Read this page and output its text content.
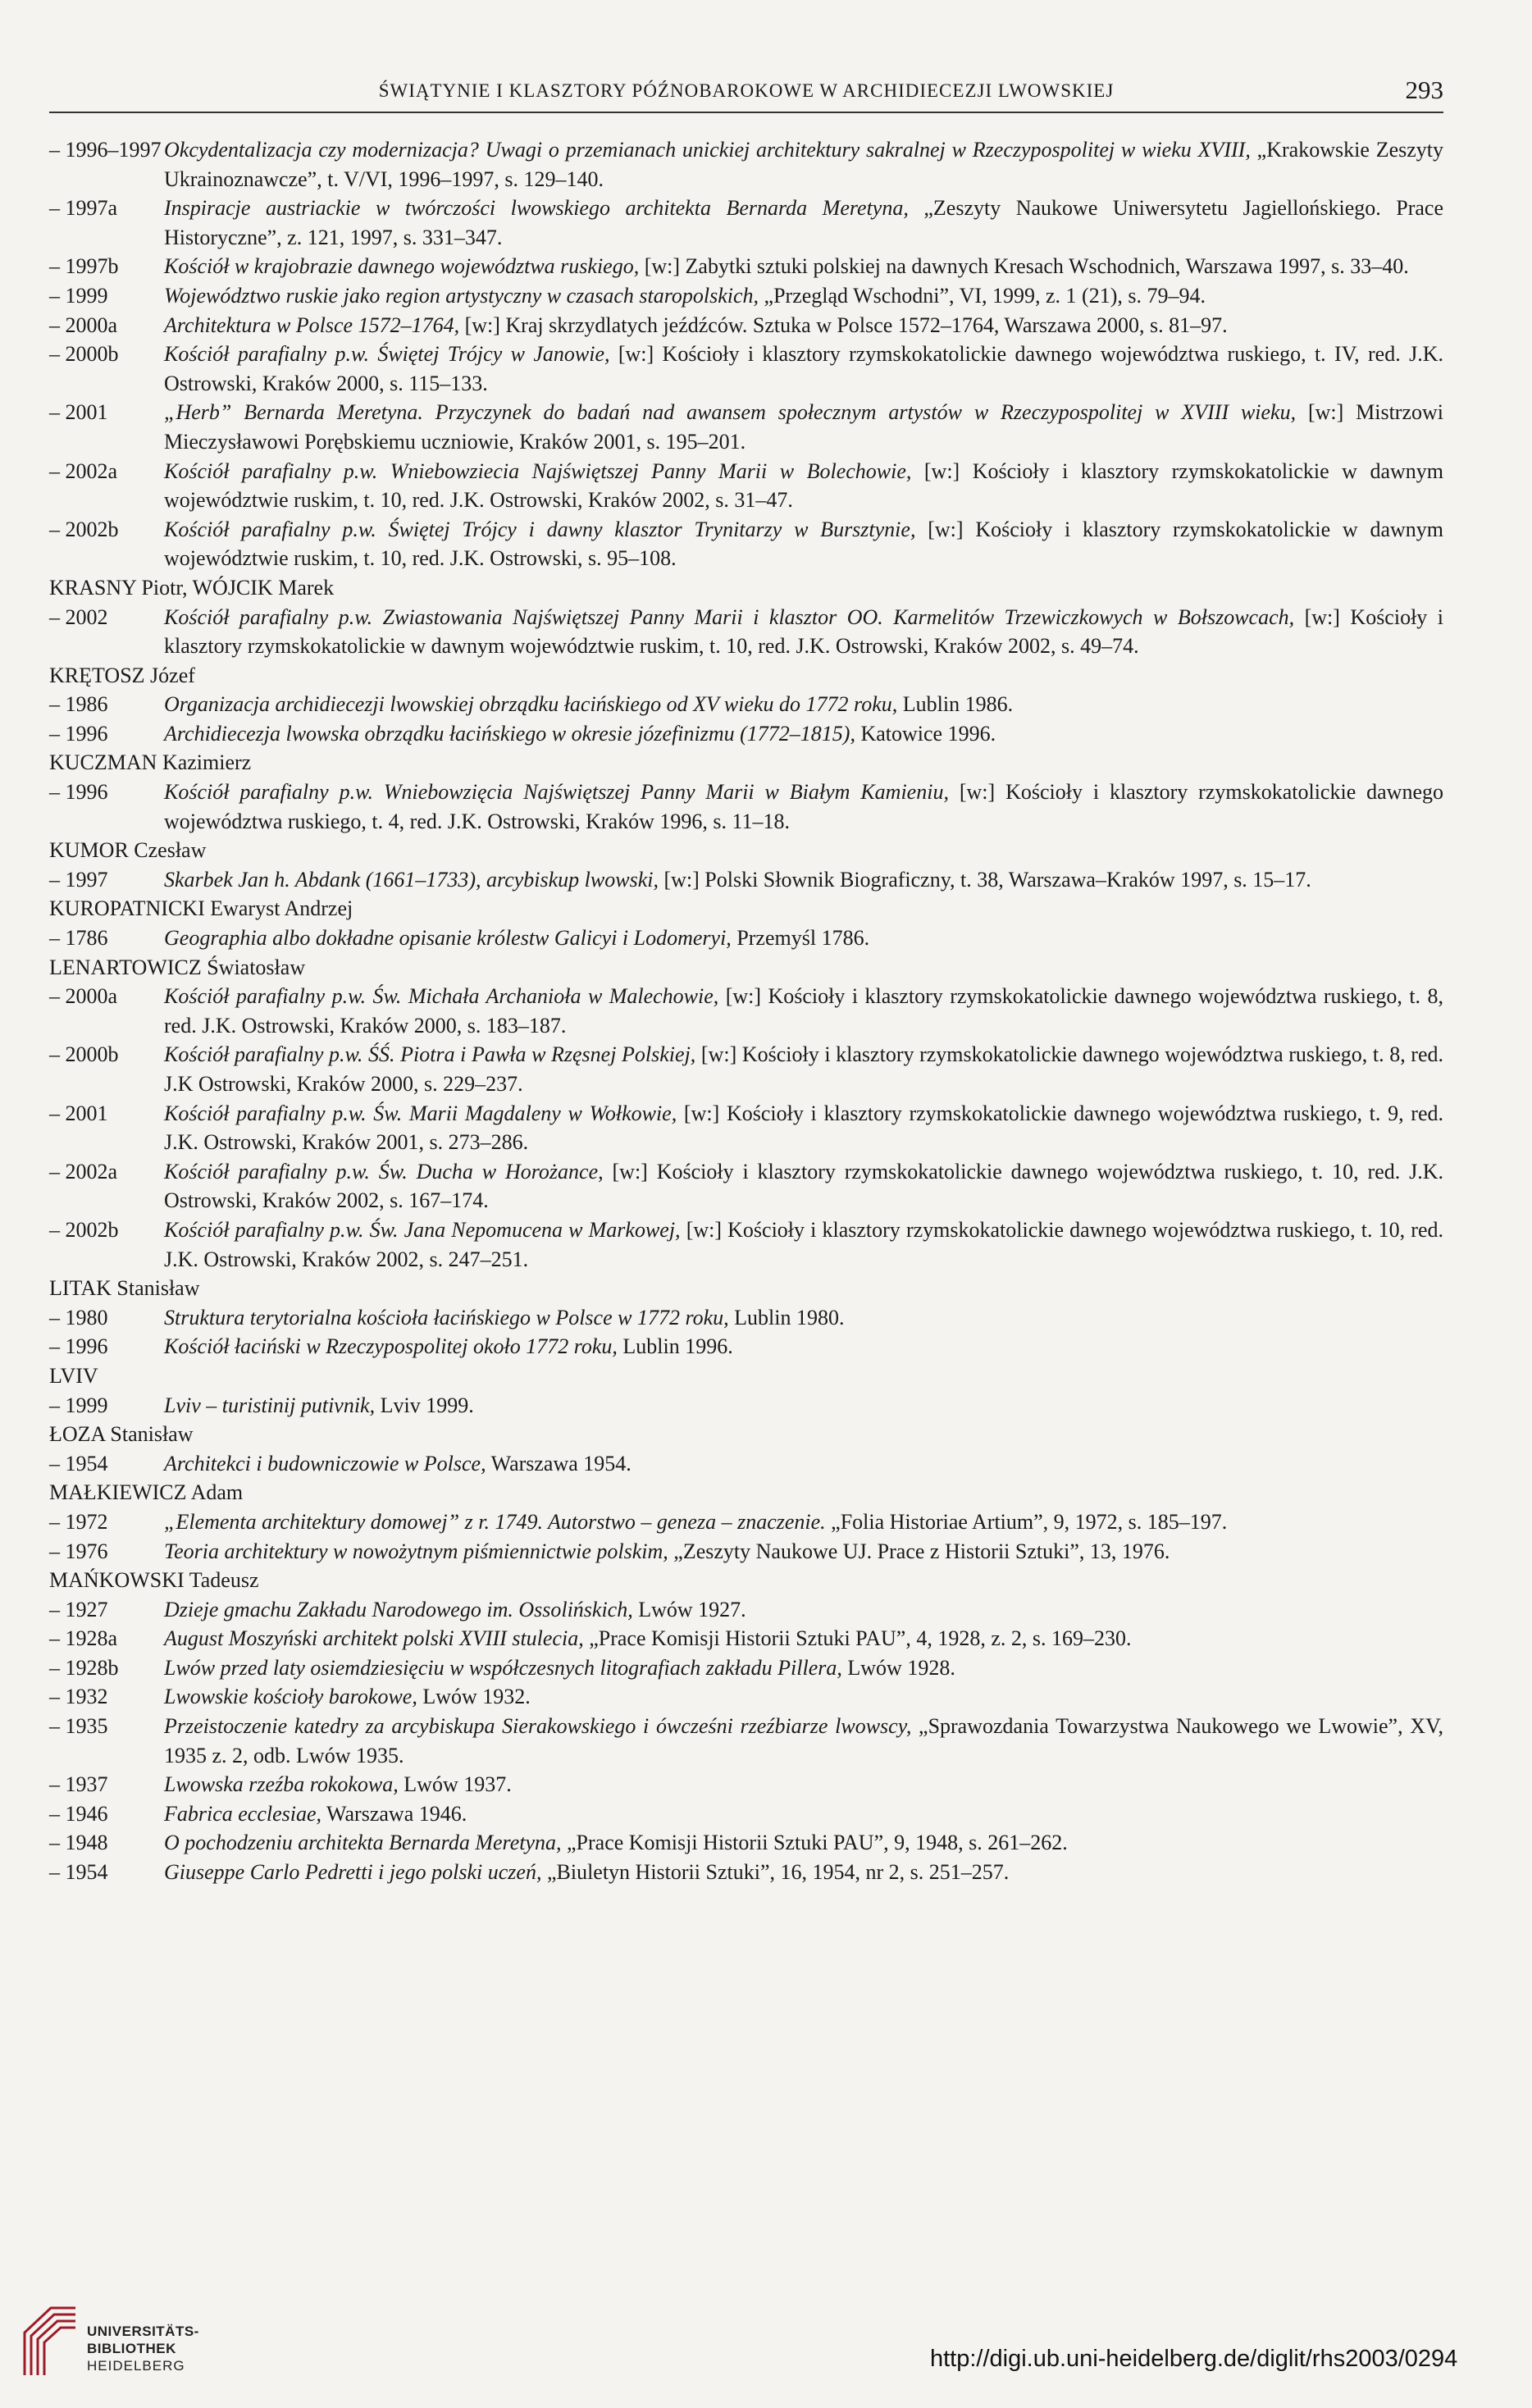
ŚWIĄTYNIE I KLASZTORY PÓŹNOBAROKOWE W ARCHIDIECEZJI LWOWSKIEJ	293
– 1996–1997 Okcydentalizacja czy modernizacja? Uwagi o przemianach unickiej architektury sakralnej w Rzeczypospolitej w wieku XVIII, „Krakowskie Zeszyty Ukrainoznawcze”, t. V/VI, 1996–1997, s. 129–140.
– 1997a	Inspiracje austriackie w twórczości lwowskiego architekta Bernarda Meretyna, „Zeszyty Naukowe Uniwersytetu Jagiellońskiego. Prace Historyczne”, z. 121, 1997, s. 331–347.
– 1997b	Kościół w krajobrazie dawnego województwa ruskiego, [w:] Zabytki sztuki polskiej na dawnych Kresach Wschodnich, Warszawa 1997, s. 33–40.
– 1999	Województwo ruskie jako region artystyczny w czasach staropolskich, „Przegląd Wschodni”, VI, 1999, z. 1 (21), s. 79–94.
– 2000a	Architektura w Polsce 1572–1764, [w:] Kraj skrzydlatych jeźdźców. Sztuka w Polsce 1572–1764, Warszawa 2000, s. 81–97.
– 2000b	Kościół parafialny p.w. Świętej Trójcy w Janowie, [w:] Kościoły i klasztory rzymskokatolickie dawnego województwa ruskiego, t. IV, red. J.K. Ostrowski, Kraków 2000, s. 115–133.
– 2001	„Herb” Bernarda Meretyna. Przyczynek do badań nad awansem społecznym artystów w Rzeczypospolitej w XVIII wieku, [w:] Mistrzowi Mieczysławowi Porębskiemu uczniowie, Kraków 2001, s. 195–201.
– 2002a	Kościół parafialny p.w. Wniebowziecia Najświętszej Panny Marii w Bolechowie, [w:] Kościoły i klasztory rzymskokatolickie w dawnym województwie ruskim, t. 10, red. J.K. Ostrowski, Kraków 2002, s. 31–47.
– 2002b	Kościół parafialny p.w. Świętej Trójcy i dawny klasztor Trynitarzy w Bursztynie, [w:] Kościoły i klasztory rzymskokatolickie w dawnym województwie ruskim, t. 10, red. J.K. Ostrowski, s. 95–108.
KRASNY Piotr, WÓJCIK Marek
– 2002	Kościół parafialny p.w. Zwiastowania Najświętszej Panny Marii i klasztor OO. Karmelitów Trzewiczkowych w Bołszowcach, [w:] Kościoły i klasztory rzymskokatolickie w dawnym województwie ruskim, t. 10, red. J.K. Ostrowski, Kraków 2002, s. 49–74.
KRĘTOSZ Józef
– 1986	Organizacja archidiecezji lwowskiej obrządku łacińskiego od XV wieku do 1772 roku, Lublin 1986.
– 1996	Archidiecezja lwowska obrządku łacińskiego w okresie józefinizmu (1772–1815), Katowice 1996.
KUCZMAN Kazimierz
– 1996	Kościół parafialny p.w. Wniebowzięcia Najświętszej Panny Marii w Białym Kamieniu, [w:] Kościoły i klasztory rzymskokatolickie dawnego województwa ruskiego, t. 4, red. J.K. Ostrowski, Kraków 1996, s. 11–18.
KUMOR Czesław
– 1997	Skarbek Jan h. Abdank (1661–1733), arcybiskup lwowski, [w:] Polski Słownik Biograficzny, t. 38, Warszawa–Kraków 1997, s. 15–17.
KUROPATNICKI Ewaryst Andrzej
– 1786	Geographia albo dokładne opisanie królestw Galicyi i Lodomeryi, Przemyśl 1786.
LENARTOWICZ Światosław
– 2000a	Kościół parafialny p.w. Św. Michała Archanioła w Malechowie, [w:] Kościoły i klasztory rzymskokatolickie dawnego województwa ruskiego, t. 8, red. J.K. Ostrowski, Kraków 2000, s. 183–187.
– 2000b	Kościół parafialny p.w. ŚŚ. Piotra i Pawła w Rzęsnej Polskiej, [w:] Kościoły i klasztory rzymskokatolickie dawnego województwa ruskiego, t. 8, red. J.K Ostrowski, Kraków 2000, s. 229–237.
– 2001	Kościół parafialny p.w. Św. Marii Magdaleny w Wołkowie, [w:] Kościoły i klasztory rzymskokatolickie dawnego województwa ruskiego, t. 9, red. J.K. Ostrowski, Kraków 2001, s. 273–286.
– 2002a	Kościół parafialny p.w. Św. Ducha w Horożance, [w:] Kościoły i klasztory rzymskokatolickie dawnego województwa ruskiego, t. 10, red. J.K. Ostrowski, Kraków 2002, s. 167–174.
– 2002b	Kościół parafialny p.w. Św. Jana Nepomucena w Markowej, [w:] Kościoły i klasztory rzymskokatolickie dawnego województwa ruskiego, t. 10, red. J.K. Ostrowski, Kraków 2002, s. 247–251.
LITAK Stanisław
– 1980	Struktura terytorialna kościoła łacińskiego w Polsce w 1772 roku, Lublin 1980.
– 1996	Kościół łaciński w Rzeczypospolitej około 1772 roku, Lublin 1996.
LVIV
– 1999	Lviv – turistinij putivnik, Lviv 1999.
ŁOZA Stanisław
– 1954	Architekci i budowniczowie w Polsce, Warszawa 1954.
MAŁKIEWICZ Adam
– 1972	„Elementa architektury domowej” z r. 1749. Autorstwo – geneza – znaczenie. „Folia Historiae Artium”, 9, 1972, s. 185–197.
– 1976	Teoria architektury w nowożytnym piśmiennictwie polskim, „Zeszyty Naukowe UJ. Prace z Historii Sztuki”, 13, 1976.
MAŃKOWSKI Tadeusz
– 1927	Dzieje gmachu Zakładu Narodowego im. Ossolińskich, Lwów 1927.
– 1928a	August Moszyński architekt polski XVIII stulecia, „Prace Komisji Historii Sztuki PAU”, 4, 1928, z. 2, s. 169–230.
– 1928b	Lwów przed laty osiemdziesięciu w współczesnych litografiach zakładu Pillera, Lwów 1928.
– 1932	Lwowskie kościoły barokowe, Lwów 1932.
– 1935	Przeistoczenie katedry za arcybiskupa Sierakowskiego i ówcześni rzeźbiarze lwowscy, „Sprawozdania Towarzystwa Naukowego we Lwowie”, XV, 1935 z. 2, odb. Lwów 1935.
– 1937	Lwowska rzeźba rokokowa, Lwów 1937.
– 1946	Fabrica ecclesiae, Warszawa 1946.
– 1948	O pochodzeniu architekta Bernarda Meretyna, „Prace Komisji Historii Sztuki PAU”, 9, 1948, s. 261–262.
– 1954	Giuseppe Carlo Pedretti i jego polski uczeń, „Biuletyn Historii Sztuki”, 16, 1954, nr 2, s. 251–257.
UNIVERSITÄTS-
BIBLIOTHEK
HEIDELBERG	http://digi.ub.uni-heidelberg.de/diglit/rhs2003/0294
